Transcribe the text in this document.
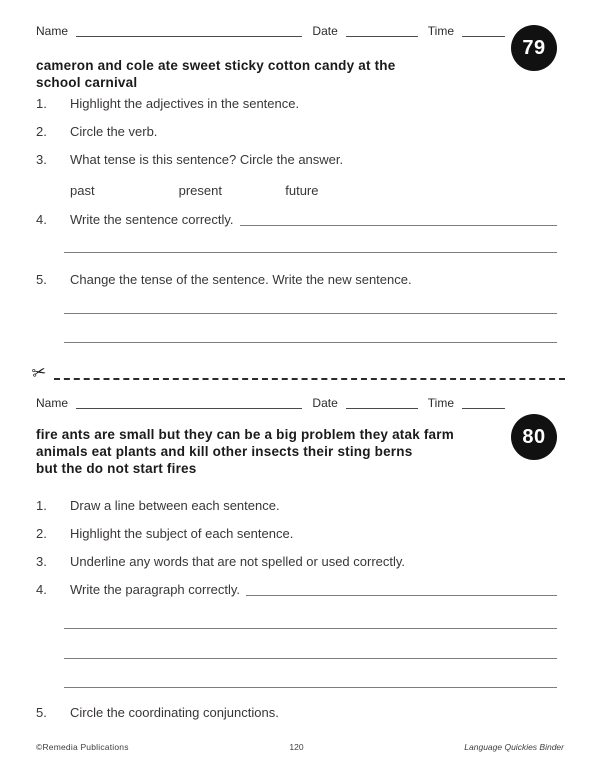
Name	Date	Time
79
cameron and cole ate sweet sticky cotton candy at the
school carnival
1.	Highlight the adjectives in the sentence.
2.	Circle the verb.
3.	What tense is this sentence? Circle the answer.
past	present	future
4.	Write the sentence correctly.
5.	Change the tense of the sentence. Write the new sentence.
✂
Name	Date	Time
80
fire ants are small but they can be a big problem they atak farm
animals eat plants and kill other insects their sting berns
but the do not start fires
1.	Draw a line between each sentence.
2.	Highlight the subject of each sentence.
3.	Underline any words that are not spelled or used correctly.
4.	Write the paragraph correctly.
5.	Circle the coordinating conjunctions.
©Remedia Publications	120	Language Quickies Binder
